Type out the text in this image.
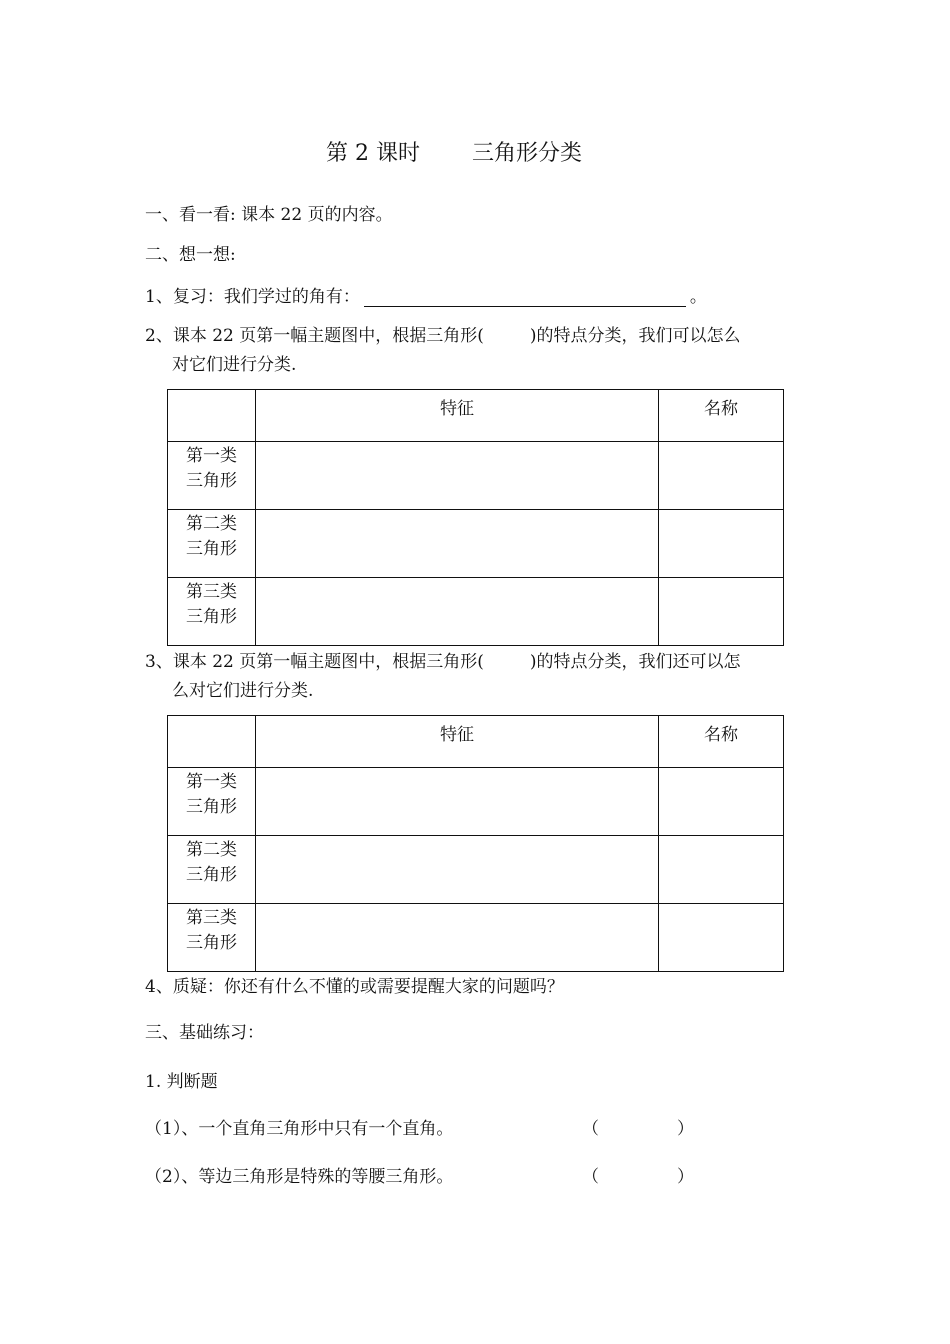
第 2 课时 三角形分类
一、看一看: 课本 22 页的内容。
二、想一想:
1、复习：我们学过的角有：	。
2、课本 22 页第一幅主题图中，根据三角形(	)的特点分类，我们可以怎么
对它们进行分类.

	特征	名称

第一类
三角形		

第二类
三角形		

第三类
三角形		

3、课本 22 页第一幅主题图中，根据三角形(	)的特点分类，我们还可以怎
么对它们进行分类.

	特征	名称

第一类
三角形		

第二类
三角形		

第三类
三角形		

4、质疑：你还有什么不懂的或需要提醒大家的问题吗？
三、基础练习：
1. 判断题
（1）、一个直角三角形中只有一个直角。	（	）
（2）、等边三角形是特殊的等腰三角形。	（	）
